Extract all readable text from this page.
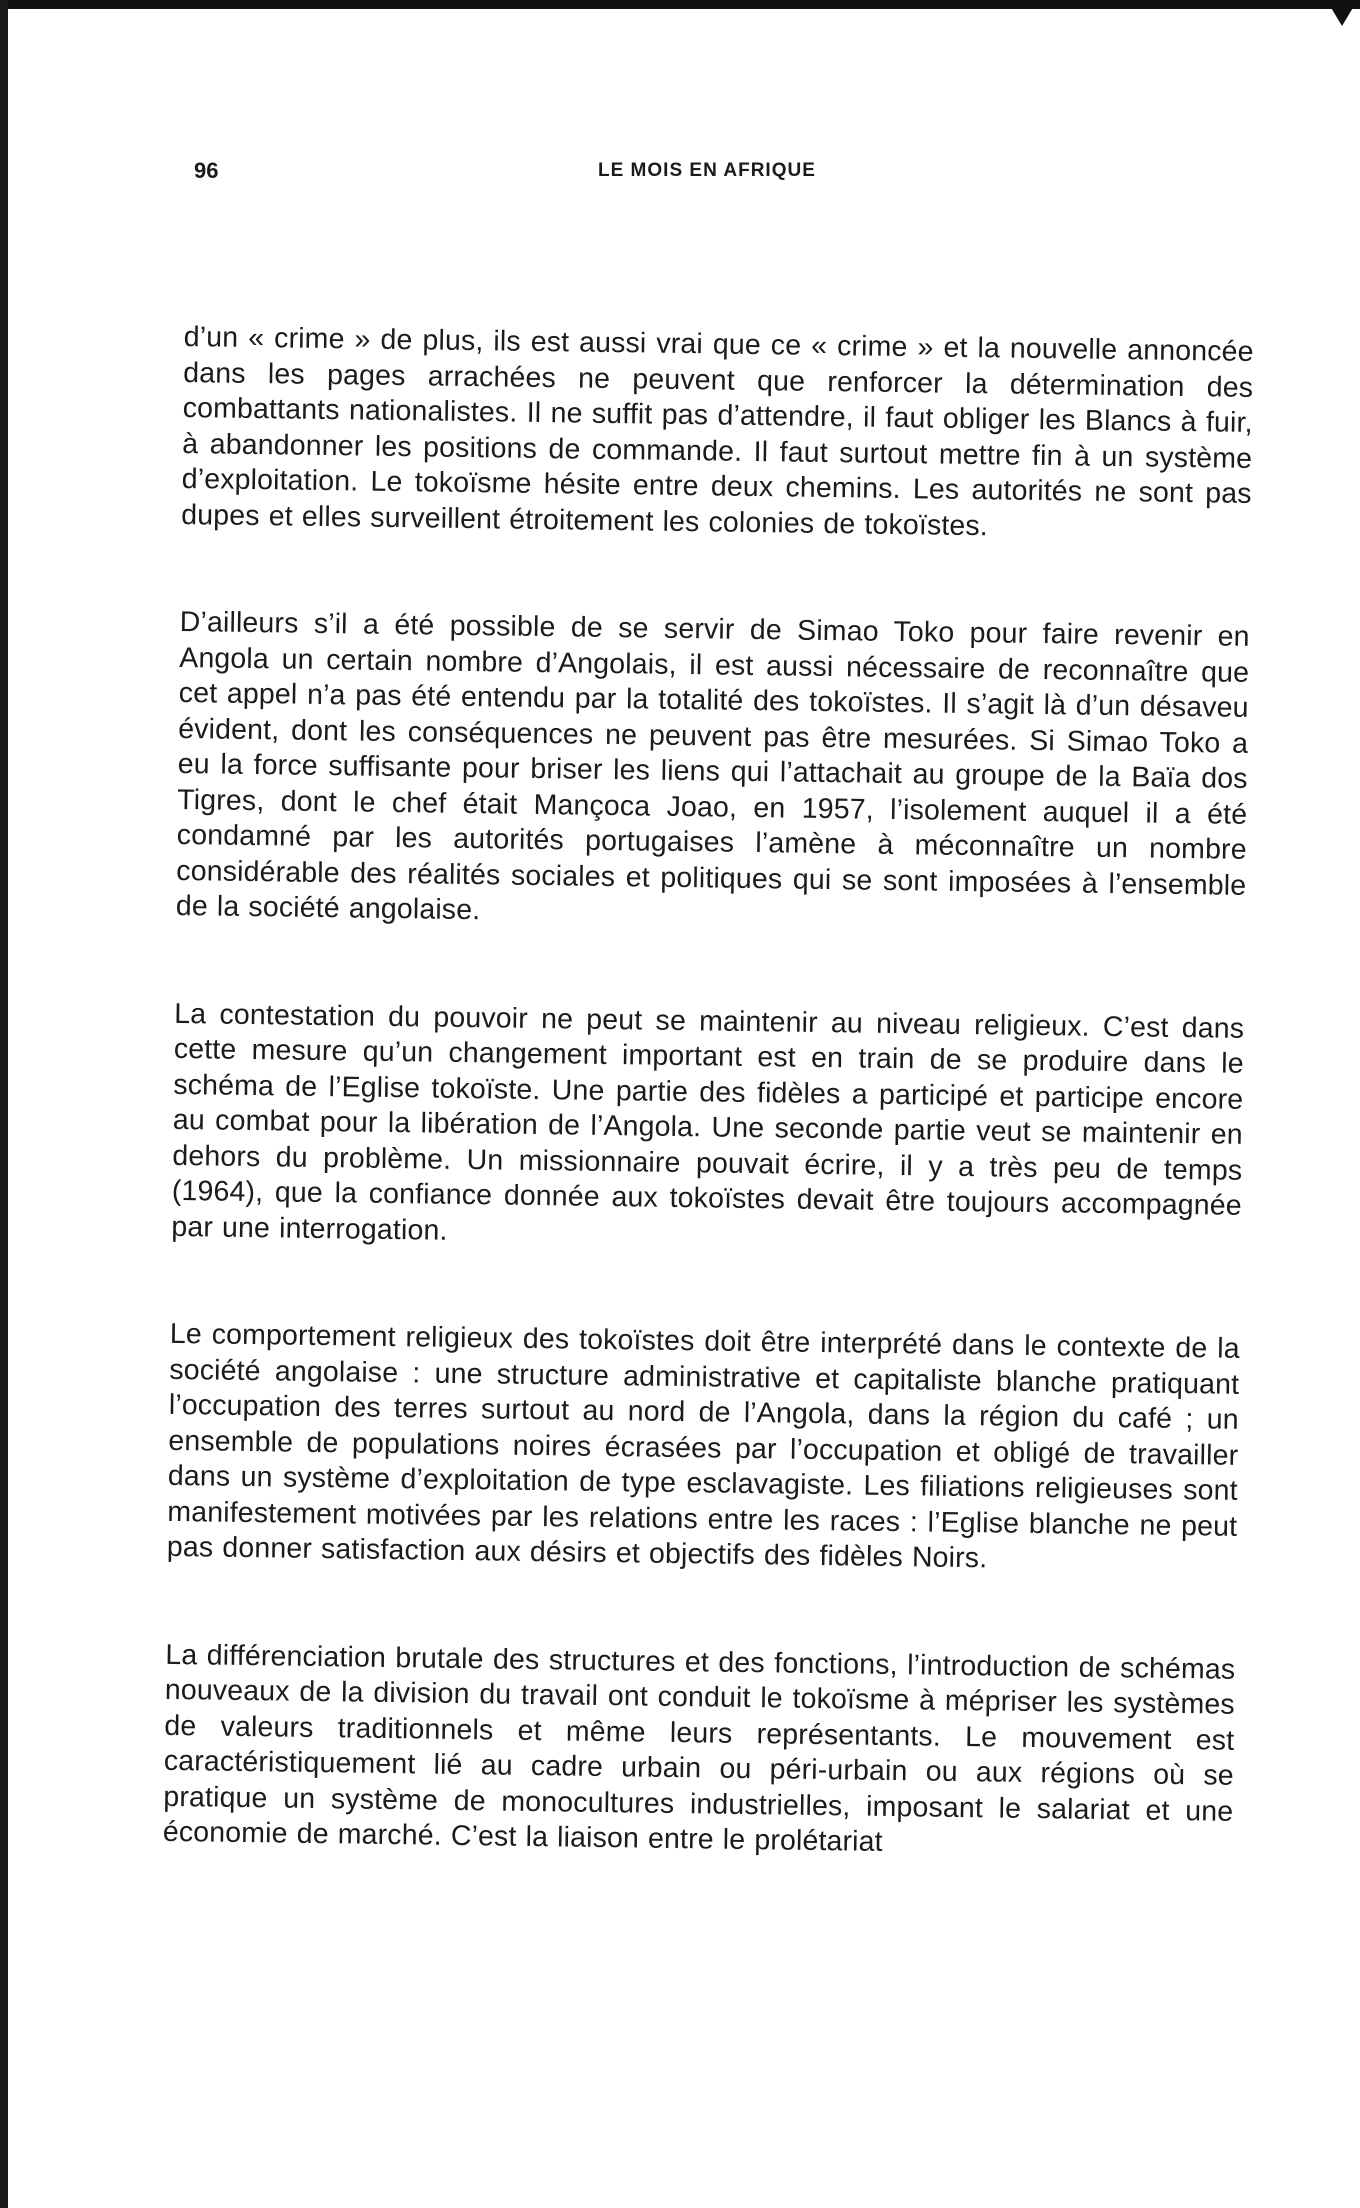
96	LE MOIS EN AFRIQUE

d’un « crime » de plus, ils est aussi vrai que ce « crime » et la nouvelle annoncée dans les pages arrachées ne peuvent que renforcer la détermination des combattants nationalistes. Il ne suffit pas d’attendre, il faut obliger les Blancs à fuir, à abandonner les positions de commande. Il faut surtout mettre fin à un système d’exploitation. Le tokoïsme hésite entre deux chemins. Les autorités ne sont pas dupes et elles surveillent étroitement les colonies de tokoïstes.

D’ailleurs s’il a été possible de se servir de Simao Toko pour faire revenir en Angola un certain nombre d’Angolais, il est aussi nécessaire de reconnaître que cet appel n’a pas été entendu par la totalité des tokoïstes. Il s’agit là d’un désaveu évident, dont les conséquences ne peuvent pas être mesurées. Si Simao Toko a eu la force suffisante pour briser les liens qui l’attachait au groupe de la Baïa dos Tigres, dont le chef était Mançoca Joao, en 1957, l’isolement auquel il a été condamné par les autorités portugaises l’amène à méconnaître un nombre considérable des réalités sociales et politiques qui se sont imposées à l’ensemble de la société angolaise.

La contestation du pouvoir ne peut se maintenir au niveau religieux. C’est dans cette mesure qu’un changement important est en train de se produire dans le schéma de l’Eglise tokoïste. Une partie des fidèles a participé et participe encore au combat pour la libération de l’Angola. Une seconde partie veut se maintenir en dehors du problème. Un missionnaire pouvait écrire, il y a très peu de temps (1964), que la confiance donnée aux tokoïstes devait être toujours accompagnée par une interrogation.

Le comportement religieux des tokoïstes doit être interprété dans le contexte de la société angolaise : une structure administrative et capitaliste blanche pratiquant l’occupation des terres surtout au nord de l’Angola, dans la région du café ; un ensemble de populations noires écrasées par l’occupation et obligé de travailler dans un système d’exploitation de type esclavagiste. Les filiations religieuses sont manifestement motivées par les relations entre les races : l’Eglise blanche ne peut pas donner satisfaction aux désirs et objectifs des fidèles Noirs.

La différenciation brutale des structures et des fonctions, l’introduction de schémas nouveaux de la division du travail ont conduit le tokoïsme à mépriser les systèmes de valeurs traditionnels et même leurs représentants. Le mouvement est caractéristiquement lié au cadre urbain ou péri-urbain ou aux régions où se pratique un système de monocultures industrielles, imposant le salariat et une économie de marché. C’est la liaison entre le prolétariat
